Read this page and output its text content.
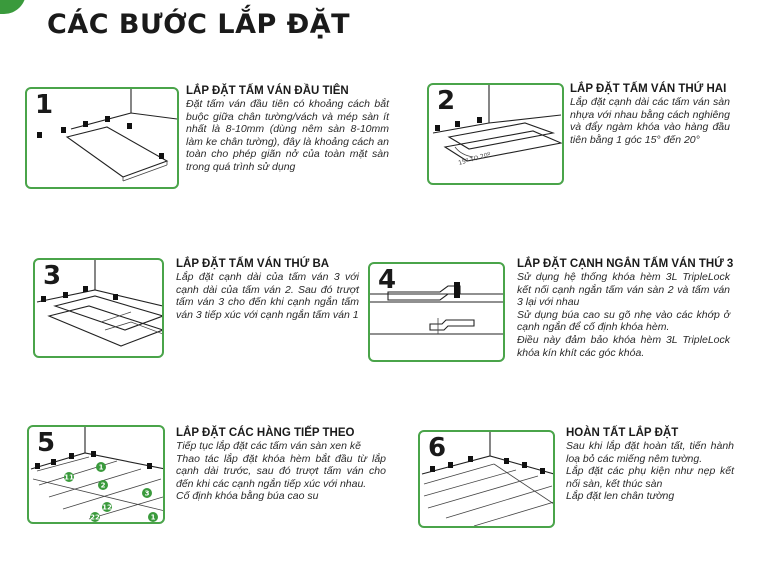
CÁC BƯỚC LẮP ĐẶT
1	LẮP ĐẶT TẤM VÁN ĐẦU TIÊN

Đặt tấm ván đầu tiên có khoảng cách bắt buộc giữa chân tường/vách và mép sàn ít nhất là 8-10mm (dùng nêm sàn 8-10mm làm ke chân tường), đây là khoảng cách an toàn cho phép giãn nở của toàn mặt sàn trong quá trình sử dụng

15º TO 20º
2	LẮP ĐẶT TẤM VÁN THỨ HAI

Lắp đặt cạnh dài các tấm ván sàn nhựa với nhau bằng cách nghiêng và đẩy ngàm khóa vào hàng đầu tiên bằng 1 góc 15° đến 20°

3	LẮP ĐẶT TẤM VÁN THỨ BA

Lắp đặt cạnh dài của tấm ván 3 với cạnh dài của tấm ván 2. Sau đó trượt tấm ván 3 cho đến khi cạnh ngắn tấm ván 3 tiếp xúc với cạnh ngắn tấm ván 1

4
LẮP ĐẶT CẠNH NGẮN TẤM VÁN THỨ 3

Sử dụng hệ thống khóa hèm 3L TripleLock kết nối cạnh ngắn tấm ván sàn 2 và tấm ván 3 lại với nhau

Sử dụng búa cao su gõ nhẹ vào các khớp ở cạnh ngắn để cố định khóa hèm.

Điều này đảm bảo khóa hèm 3L TripleLock khóa kín khít các góc khóa.

1
2
3
11
12
22	1
5	LẮP ĐẶT CÁC HÀNG TIẾP THEO

Tiếp tục lắp đặt các tấm ván sàn xen kẽ

Thao tác lắp đặt khóa hèm bắt đầu từ lắp cạnh dài trước, sau đó trượt tấm ván cho đến khi các cạnh ngắn tiếp xúc với nhau.

Cố định khóa bằng búa cao su

6	HOÀN TẤT LẮP ĐẶT

Sau khi lắp đặt hoàn tất, tiến hành loạ bỏ các miếng nêm tường.

Lắp đặt các phụ kiện như nẹp kết nối sàn, kết thúc sàn

Lắp đặt len chân tường
